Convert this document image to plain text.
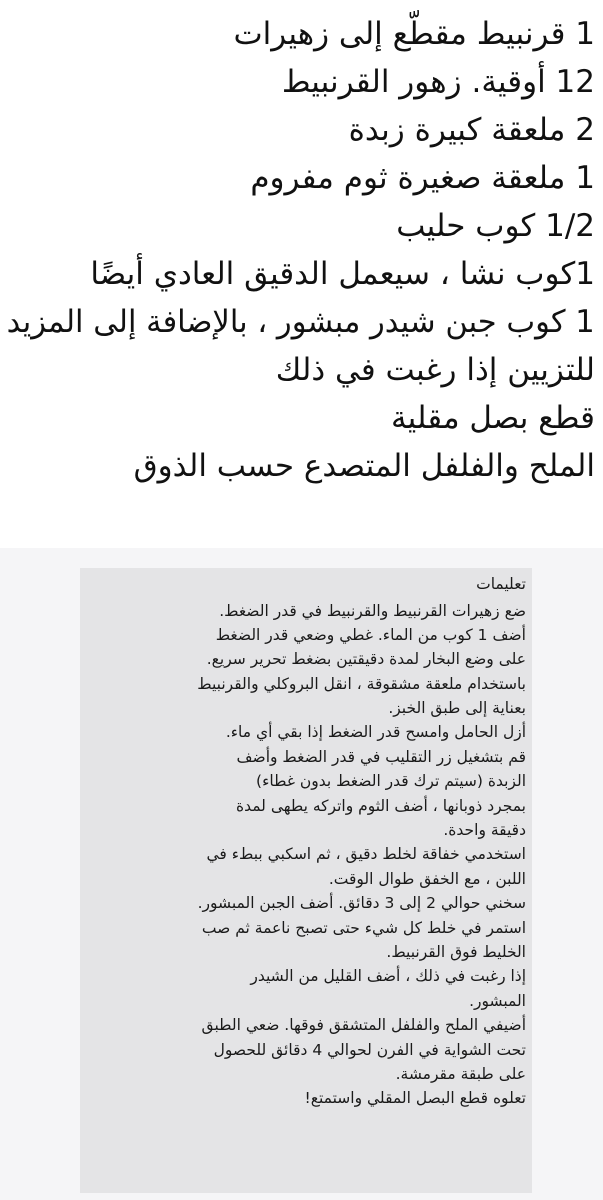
1 قرنبيط مقطّع إلى زهيرات
12 أوقية. زهور القرنبيط
2 ملعقة كبيرة زبدة
1 ملعقة صغيرة ثوم مفروم
1/2 كوب حليب
1كوب نشا ، سيعمل الدقيق العادي أيضًا
1 كوب جبن شيدر مبشور ، بالإضافة إلى المزيد
للتزيين إذا رغبت في ذلك
قطع بصل مقلية
الملح والفلفل المتصدع حسب الذوق
تعليمات
ضع زهيرات القرنبيط والقرنبيط في قدر الضغط.
أضف 1 كوب من الماء. غطي وضعي قدر الضغط
على وضع البخار لمدة دقيقتين بضغط تحرير سريع.
باستخدام ملعقة مشقوقة ، انقل البروكلي والقرنبيط
بعناية إلى طبق الخبز.
أزل الحامل وامسح قدر الضغط إذا بقي أي ماء.
قم بتشغيل زر التقليب في قدر الضغط وأضف
الزبدة (سيتم ترك قدر الضغط بدون غطاء)
بمجرد ذوبانها ، أضف الثوم واتركه يطهى لمدة
دقيقة واحدة.
استخدمي خفاقة لخلط دقيق ، ثم اسكبي ببطء في
اللبن ، مع الخفق طوال الوقت.
سخني حوالي 2 إلى 3 دقائق. أضف الجبن المبشور.
استمر في خلط كل شيء حتى تصبح ناعمة ثم صب
الخليط فوق القرنبيط.
إذا رغبت في ذلك ، أضف القليل من الشيدر
المبشور.
أضيفي الملح والفلفل المتشقق فوقها. ضعي الطبق
تحت الشواية في الفرن لحوالي 4 دقائق للحصول
على طبقة مقرمشة.
تعلوه قطع البصل المقلي واستمتع!
